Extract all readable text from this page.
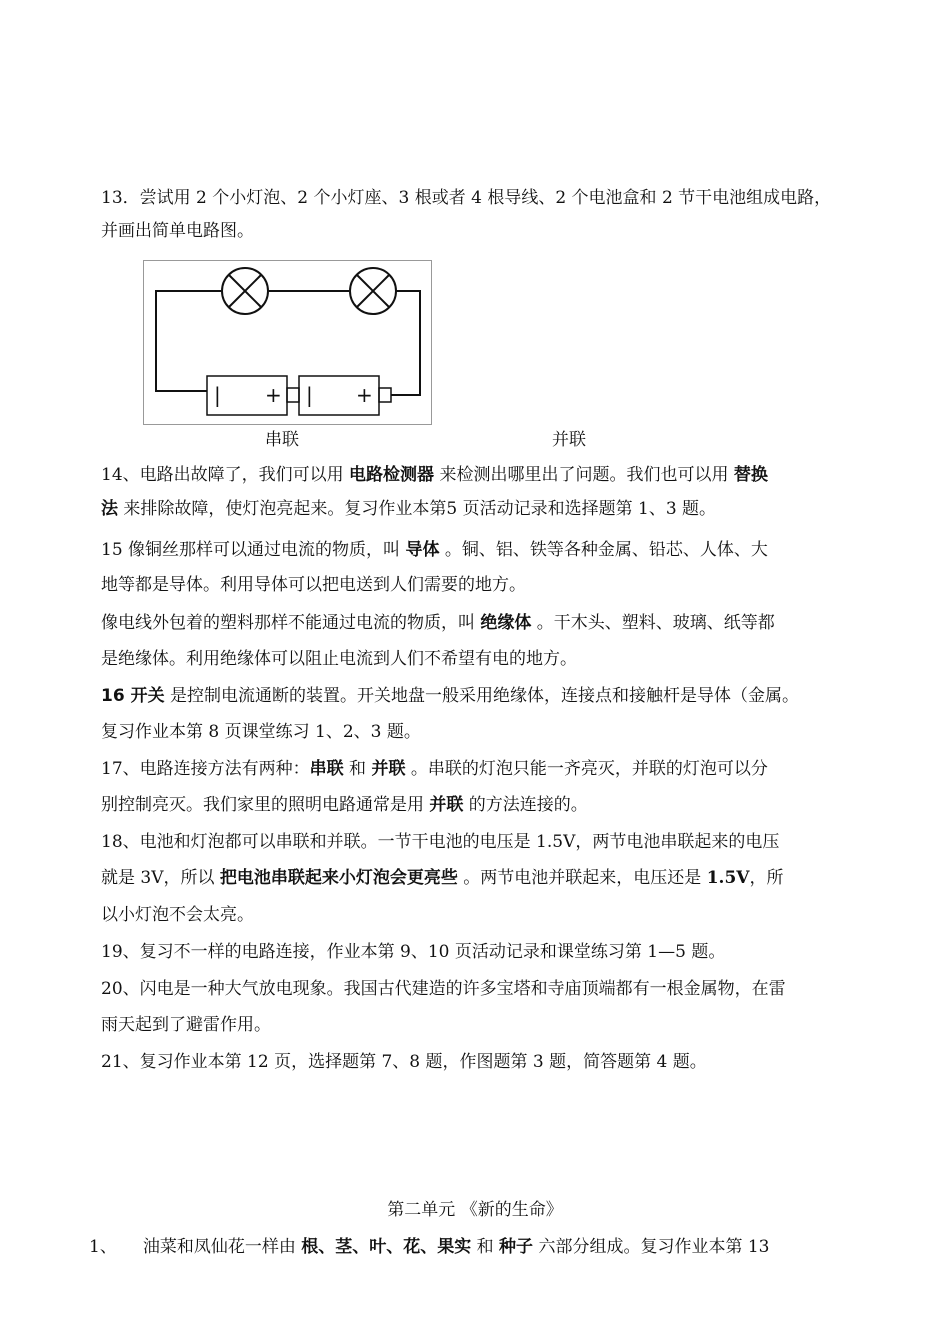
13．尝试用 2 个小灯泡、2 个小灯座、3 根或者 4 根导线、2 个电池盒和 2 节干电池组成电路，
并画出简单电路图。
| + | +
串联	并联
14、电路出故障了，我们可以用 电路检测器 来检测出哪里出了问题。我们也可以用 替换
法 来排除故障，使灯泡亮起来。复习作业本第5 页活动记录和选择题第 1、3 题。
15 像铜丝那样可以通过电流的物质，叫 导体 。铜、铝、铁等各种金属、铅芯、人体、大
地等都是导体。利用导体可以把电送到人们需要的地方。
像电线外包着的塑料那样不能通过电流的物质，叫 绝缘体 。干木头、塑料、玻璃、纸等都
是绝缘体。利用绝缘体可以阻止电流到人们不希望有电的地方。
16 开关 是控制电流通断的装置。开关地盘一般采用绝缘体，连接点和接触杆是导体（金属。
复习作业本第 8 页课堂练习 1、2、3 题。
17、电路连接方法有两种：串联 和 并联 。串联的灯泡只能一齐亮灭，并联的灯泡可以分
别控制亮灭。我们家里的照明电路通常是用 并联 的方法连接的。
18、电池和灯泡都可以串联和并联。一节干电池的电压是 1.5V，两节电池串联起来的电压
就是 3V，所以 把电池串联起来小灯泡会更亮些 。两节电池并联起来，电压还是 1.5V，所
以小灯泡不会太亮。
19、复习不一样的电路连接，作业本第 9、10 页活动记录和课堂练习第 1—5 题。
20、闪电是一种大气放电现象。我国古代建造的许多宝塔和寺庙顶端都有一根金属物，在雷
雨天起到了避雷作用。
21、复习作业本第 12 页，选择题第 7、8 题，作图题第 3 题，简答题第 4 题。
第二单元 《新的生命》
1、 油菜和凤仙花一样由 根、茎、叶、花、果实 和 种子 六部分组成。复习作业本第 13
